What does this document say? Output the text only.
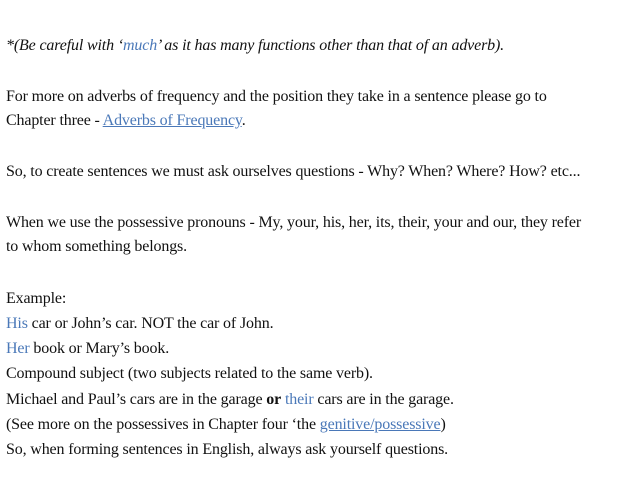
*(Be careful with ‘much’ as it has many functions other than that of an adverb).
For more on adverbs of frequency and the position they take in a sentence please go to
Chapter three - Adverbs of Frequency.
So, to create sentences we must ask ourselves questions - Why? When? Where? How? etc...
When we use the possessive pronouns - My, your, his, her, its, their, your and our, they refer
to whom something belongs.
Example:
His car or John’s car. NOT the car of John.
Her book or Mary’s book.
Compound subject (two subjects related to the same verb).
Michael and Paul’s cars are in the garage or their cars are in the garage.
(See more on the possessives in Chapter four ‘the genitive/possessive)
So, when forming sentences in English, always ask yourself questions.
